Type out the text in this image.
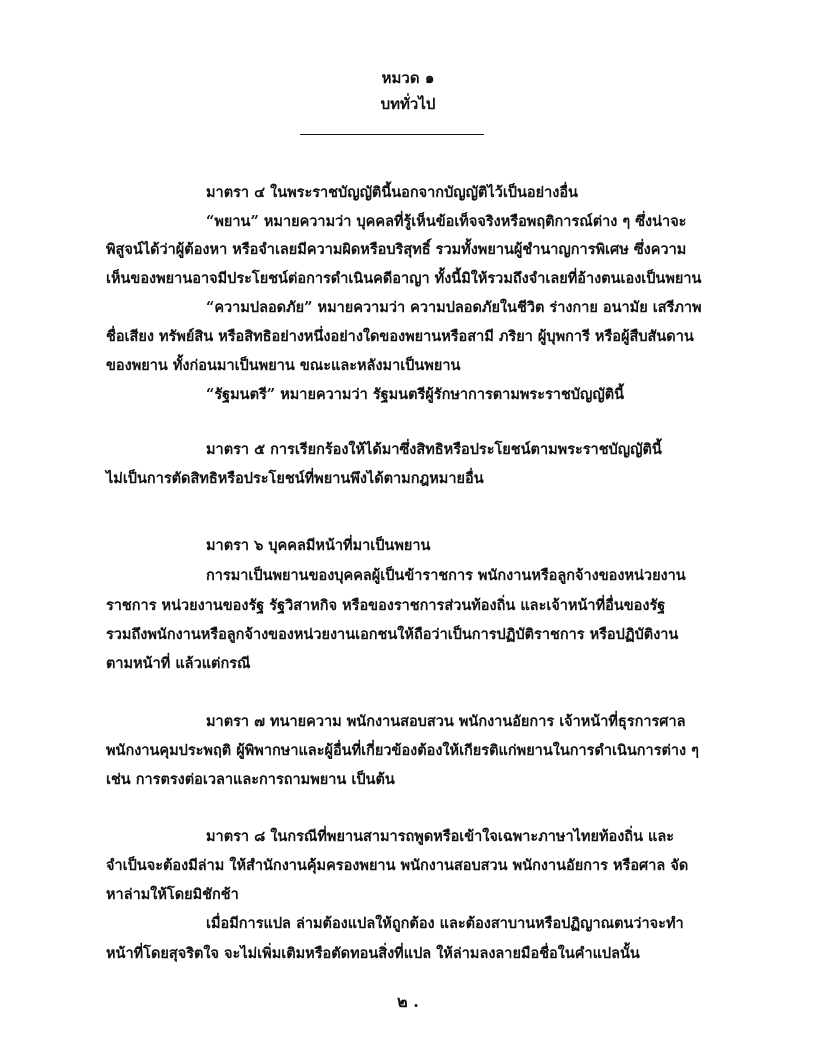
หมวด ๑
บททั่วไป
มาตรา ๔ ในพระราชบัญญัตินี้นอกจากบัญญัติไว้เป็นอย่างอื่น
“พยาน” หมายความว่า บุคคลที่รู้เห็นข้อเท็จจริงหรือพฤติการณ์ต่าง ๆ ซึ่งน่าจะ
พิสูจน์ได้ว่าผู้ต้องหา หรือจำเลยมีความผิดหรือบริสุทธิ์ รวมทั้งพยานผู้ชำนาญการพิเศษ ซึ่งความ
เห็นของพยานอาจมีประโยชน์ต่อการดำเนินคดีอาญา ทั้งนี้มิให้รวมถึงจำเลยที่อ้างตนเองเป็นพยาน
“ความปลอดภัย” หมายความว่า ความปลอดภัยในชีวิต ร่างกาย อนามัย เสรีภาพ
ชื่อเสียง ทรัพย์สิน หรือสิทธิอย่างหนึ่งอย่างใดของพยานหรือสามี ภริยา ผู้บุพการี หรือผู้สืบสันดาน
ของพยาน ทั้งก่อนมาเป็นพยาน ขณะและหลังมาเป็นพยาน
“รัฐมนตรี” หมายความว่า รัฐมนตรีผู้รักษาการตามพระราชบัญญัตินี้
มาตรา ๕ การเรียกร้องให้ได้มาซึ่งสิทธิหรือประโยชน์ตามพระราชบัญญัตินี้
ไม่เป็นการตัดสิทธิหรือประโยชน์ที่พยานพึงได้ตามกฎหมายอื่น
มาตรา ๖ บุคคลมีหน้าที่มาเป็นพยาน
การมาเป็นพยานของบุคคลผู้เป็นข้าราชการ พนักงานหรือลูกจ้างของหน่วยงาน
ราชการ หน่วยงานของรัฐ รัฐวิสาหกิจ หรือของราชการส่วนท้องถิ่น และเจ้าหน้าที่อื่นของรัฐ
รวมถึงพนักงานหรือลูกจ้างของหน่วยงานเอกชนให้ถือว่าเป็นการปฏิบัติราชการ หรือปฏิบัติงาน
ตามหน้าที่ แล้วแต่กรณี
มาตรา ๗ ทนายความ พนักงานสอบสวน พนักงานอัยการ เจ้าหน้าที่ธุรการศาล
พนักงานคุมประพฤติ ผู้พิพากษาและผู้อื่นที่เกี่ยวข้องต้องให้เกียรติแก่พยานในการดำเนินการต่าง ๆ
เช่น การตรงต่อเวลาและการถามพยาน เป็นต้น
มาตรา ๘ ในกรณีที่พยานสามารถพูดหรือเข้าใจเฉพาะภาษาไทยท้องถิ่น และ
จำเป็นจะต้องมีล่าม ให้สำนักงานคุ้มครองพยาน พนักงานสอบสวน พนักงานอัยการ หรือศาล จัด
หาล่ามให้โดยมิชักช้า
เมื่อมีการแปล ล่ามต้องแปลให้ถูกต้อง และต้องสาบานหรือปฏิญาณตนว่าจะทำ
หน้าที่โดยสุจริตใจ จะไม่เพิ่มเติมหรือตัดทอนสิ่งที่แปล ให้ล่ามลงลายมือชื่อในคำแปลนั้น
๒ .
